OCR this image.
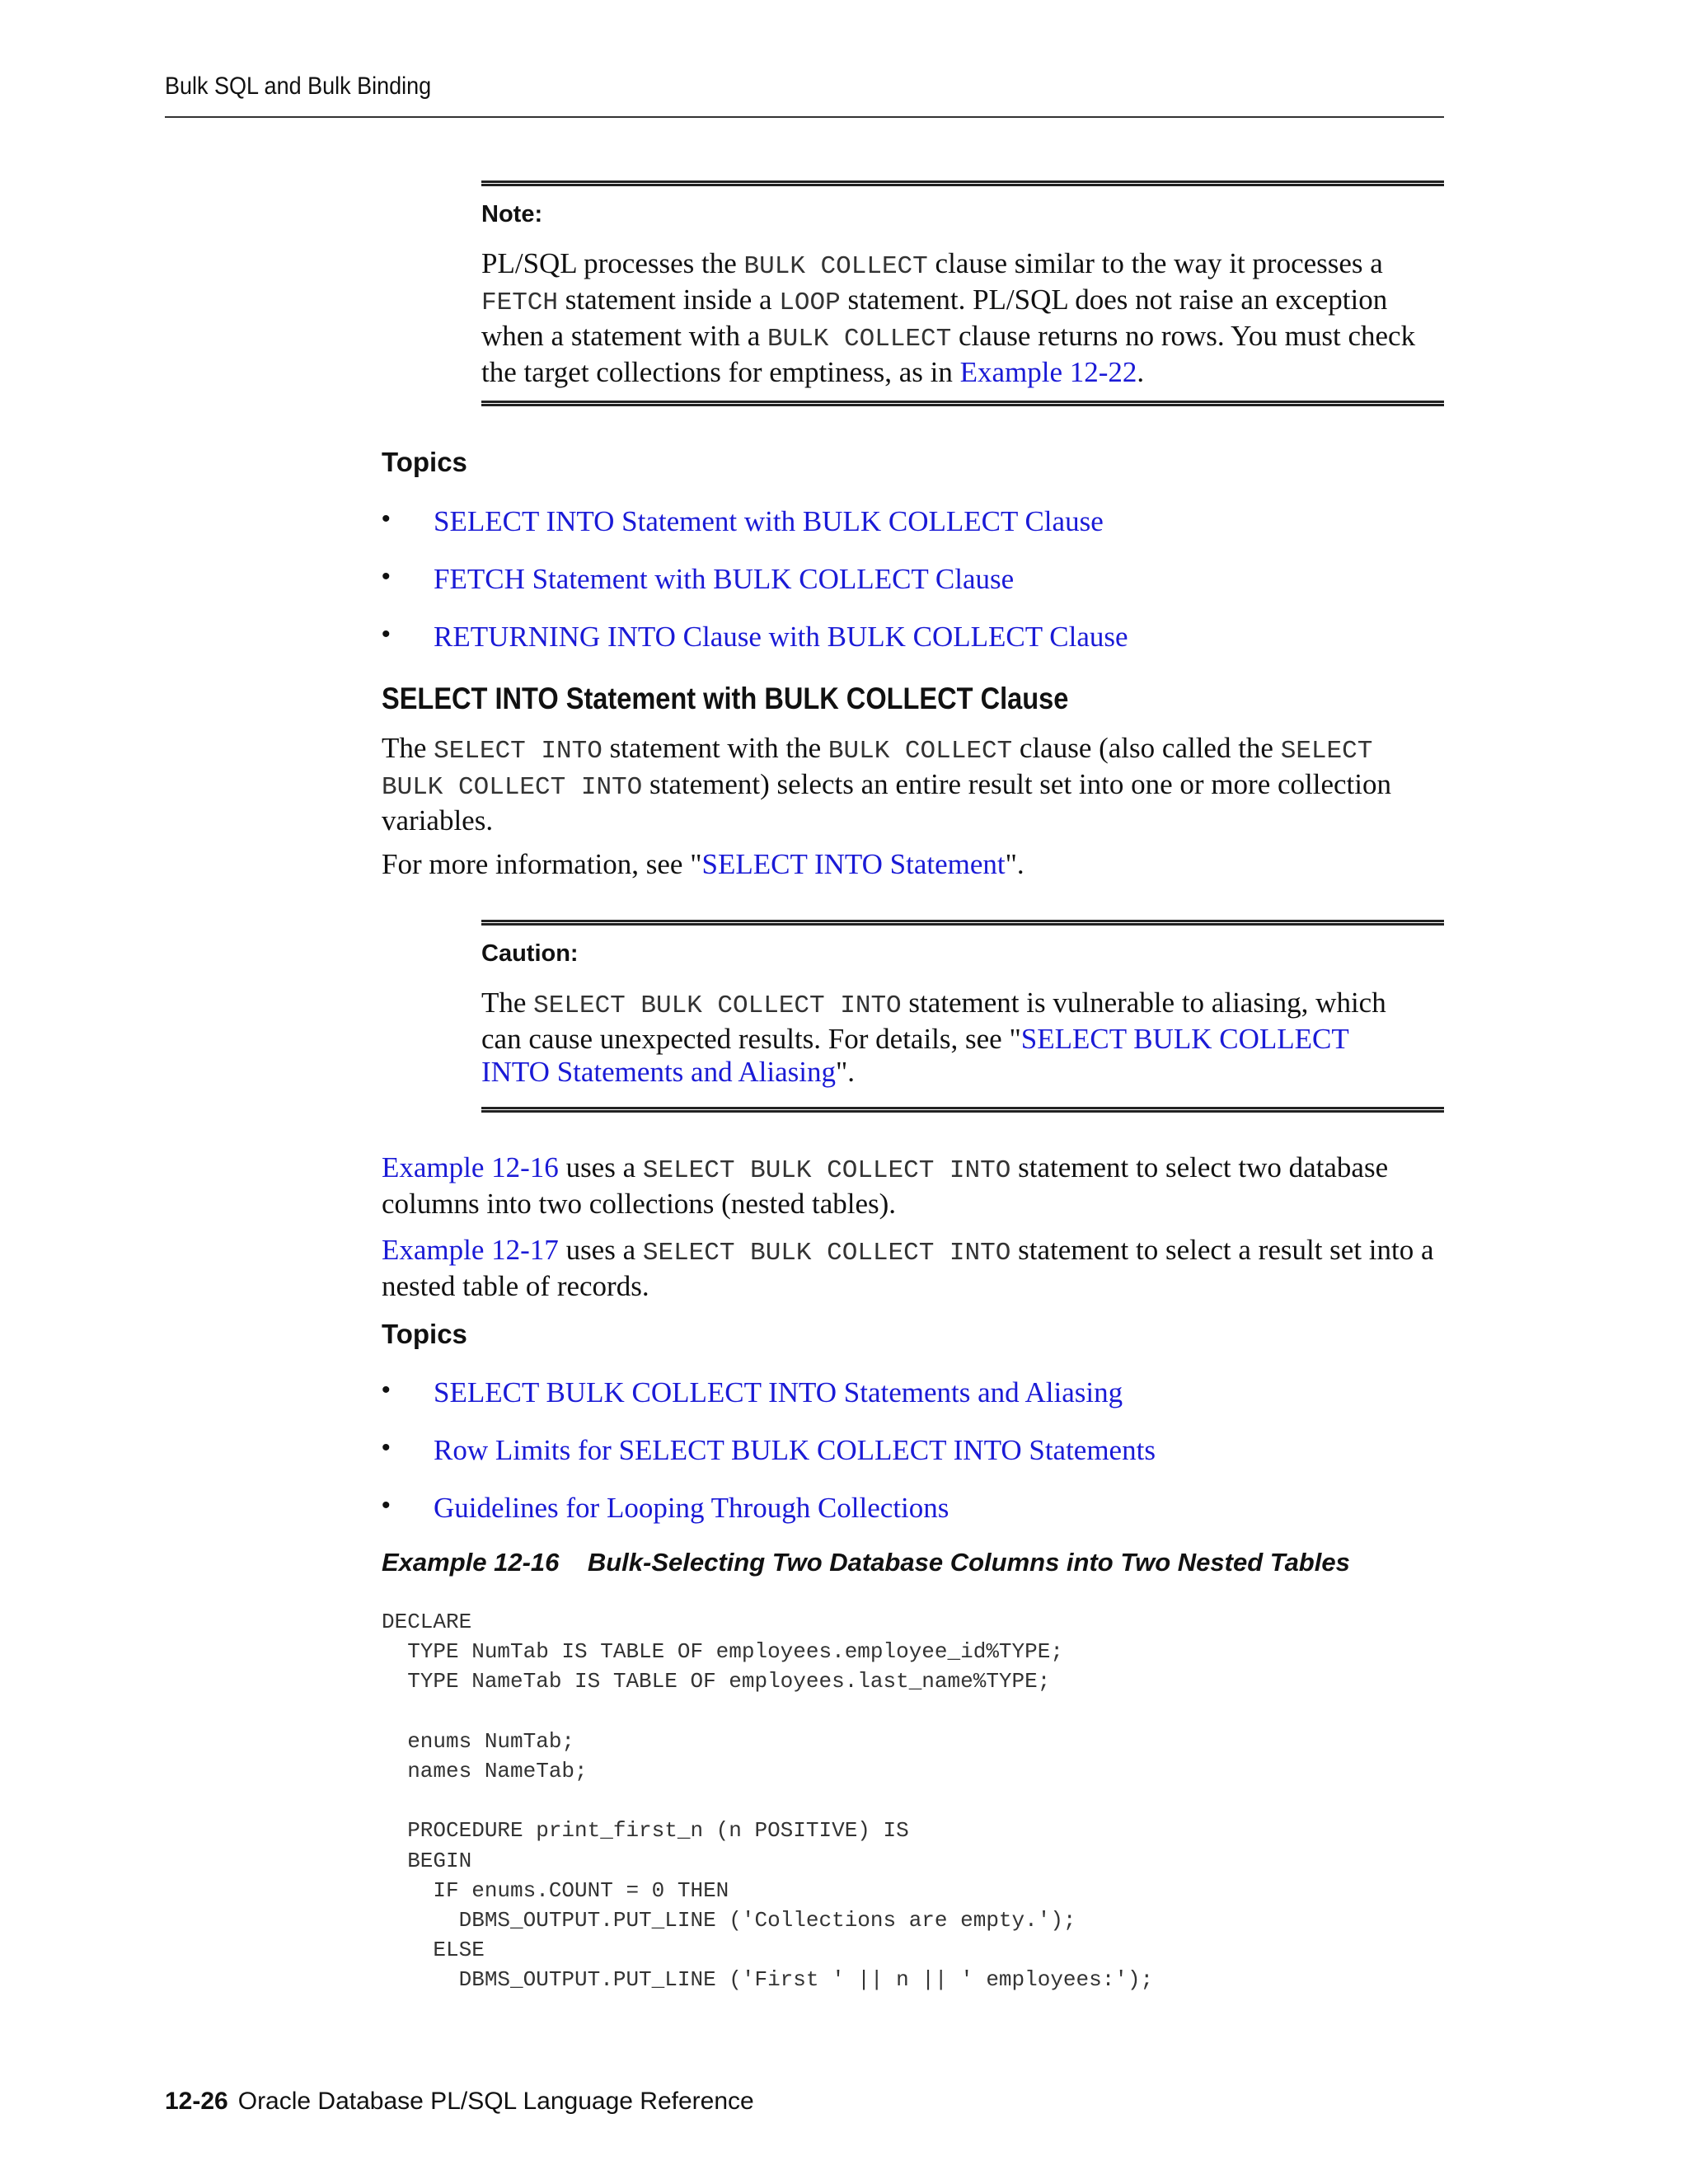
Bulk SQL and Bulk Binding
Note:
PL/SQL processes the BULK COLLECT clause similar to the way it processes a FETCH statement inside a LOOP statement. PL/SQL does not raise an exception when a statement with a BULK COLLECT clause returns no rows. You must check the target collections for emptiness, as in Example 12-22.
Topics
• SELECT INTO Statement with BULK COLLECT Clause
• FETCH Statement with BULK COLLECT Clause
• RETURNING INTO Clause with BULK COLLECT Clause
SELECT INTO Statement with BULK COLLECT Clause
The SELECT INTO statement with the BULK COLLECT clause (also called the SELECT BULK COLLECT INTO statement) selects an entire result set into one or more collection variables.
For more information, see "SELECT INTO Statement".
Caution:
The SELECT BULK COLLECT INTO statement is vulnerable to aliasing, which can cause unexpected results. For details, see "SELECT BULK COLLECT INTO Statements and Aliasing".
Example 12-16 uses a SELECT BULK COLLECT INTO statement to select two database columns into two collections (nested tables).
Example 12-17 uses a SELECT BULK COLLECT INTO statement to select a result set into a nested table of records.
Topics
• SELECT BULK COLLECT INTO Statements and Aliasing
• Row Limits for SELECT BULK COLLECT INTO Statements
• Guidelines for Looping Through Collections
Example 12-16    Bulk-Selecting Two Database Columns into Two Nested Tables
DECLARE
TYPE NumTab IS TABLE OF employees.employee_id%TYPE;
TYPE NameTab IS TABLE OF employees.last_name%TYPE;

enums NumTab;
names NameTab;

PROCEDURE print_first_n (n POSITIVE) IS
BEGIN
IF enums.COUNT = 0 THEN
DBMS_OUTPUT.PUT_LINE ('Collections are empty.');
ELSE
DBMS_OUTPUT.PUT_LINE ('First ' || n || ' employees:');
12-26 Oracle Database PL/SQL Language Reference
